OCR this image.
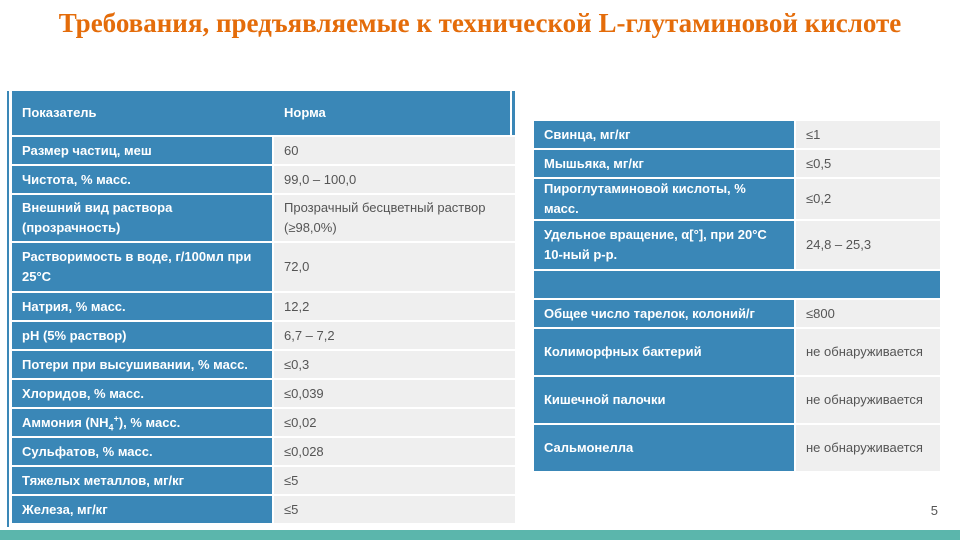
Требования, предъявляемые к технической L-глутаминовой кислоте
Показатель	Норма
Размер частиц, меш	60
Чистота, % масс.	99,0 – 100,0
Внешний вид раствора (прозрачность)	Прозрачный бесцветный раствор (≥98,0%)
Растворимость в воде, г/100мл при 25°С	72,0
Натрия, % масс.	12,2
pH (5% раствор)	6,7 – 7,2
Потери при высушивании, % масс.	≤0,3
Хлоридов, % масс.	≤0,039
Аммония $(NH_4^+)$, % масс.	≤0,02
Сульфатов, % масс.	≤0,028
Тяжелых металлов, мг/кг	≤5
Железа, мг/кг	≤5
Свинца, мг/кг	≤1
Мышьяка, мг/кг	≤0,5
Пироглутаминовой кислоты, % масс.	≤0,2
Удельное вращение, α[°], при 20°С 10-ный р-р.	24,8 – 25,3

Общее число тарелок, колоний/г	≤800
Колиморфных бактерий	не обнаруживается
Кишечной палочки	не обнаруживается
Сальмонелла	не обнаруживается
5
